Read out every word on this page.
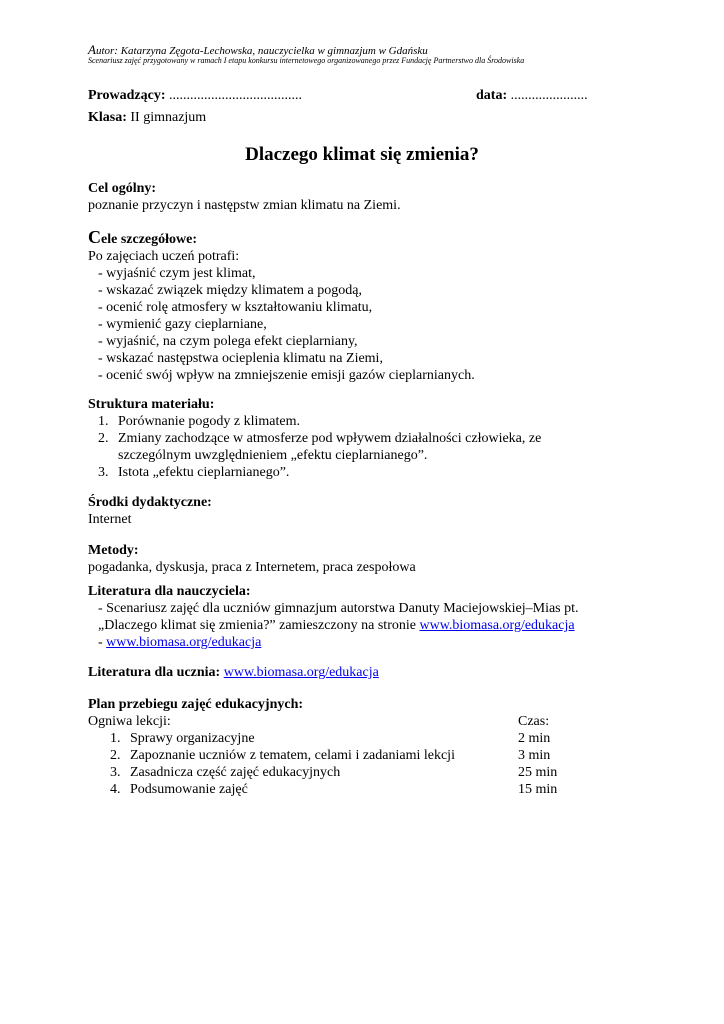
Autor: Katarzyna Zęgota-Lechowska, nauczycielka w gimnazjum w Gdańsku
Scenariusz zajęć przygotowany w ramach I etapu konkursu internetowego organizowanego przez Fundację Partnerstwo dla Środowiska
Prowadzący: ......................................	data: ......................
Klasa: II gimnazjum
Dlaczego klimat się zmienia?
Cel ogólny:
poznanie przyczyn i następstw zmian klimatu na Ziemi.
Cele szczegółowe:
Po zajęciach uczeń potrafi:
- wyjaśnić czym jest klimat,
- wskazać związek między klimatem a pogodą,
- ocenić rolę atmosfery w kształtowaniu klimatu,
- wymienić gazy cieplarniane,
- wyjaśnić, na czym polega efekt cieplarniany,
- wskazać następstwa ocieplenia klimatu na Ziemi,
- ocenić swój wpływ na zmniejszenie emisji gazów cieplarnianych.
Struktura materiału:
1. Porównanie pogody z klimatem.
2. Zmiany zachodzące w atmosferze pod wpływem działalności człowieka, ze
szczególnym uwzględnieniem „efektu cieplarnianego”.
3. Istota „efektu cieplarnianego”.
Środki dydaktyczne:
Internet
Metody:
pogadanka, dyskusja, praca z Internetem, praca zespołowa
Literatura dla nauczyciela:
- Scenariusz zajęć dla uczniów gimnazjum autorstwa Danuty Maciejowskiej–Mias pt.
„Dlaczego klimat się zmienia?” zamieszczony na stronie www.biomasa.org/edukacja
- www.biomasa.org/edukacja
Literatura dla ucznia: www.biomasa.org/edukacja
Plan przebiegu zajęć edukacyjnych:
Ogniwa lekcji:	Czas:
1. Sprawy organizacyjne	2 min
2. Zapoznanie uczniów z tematem, celami i zadaniami lekcji	3 min
3. Zasadnicza część zajęć edukacyjnych	25 min
4. Podsumowanie zajęć	15 min
